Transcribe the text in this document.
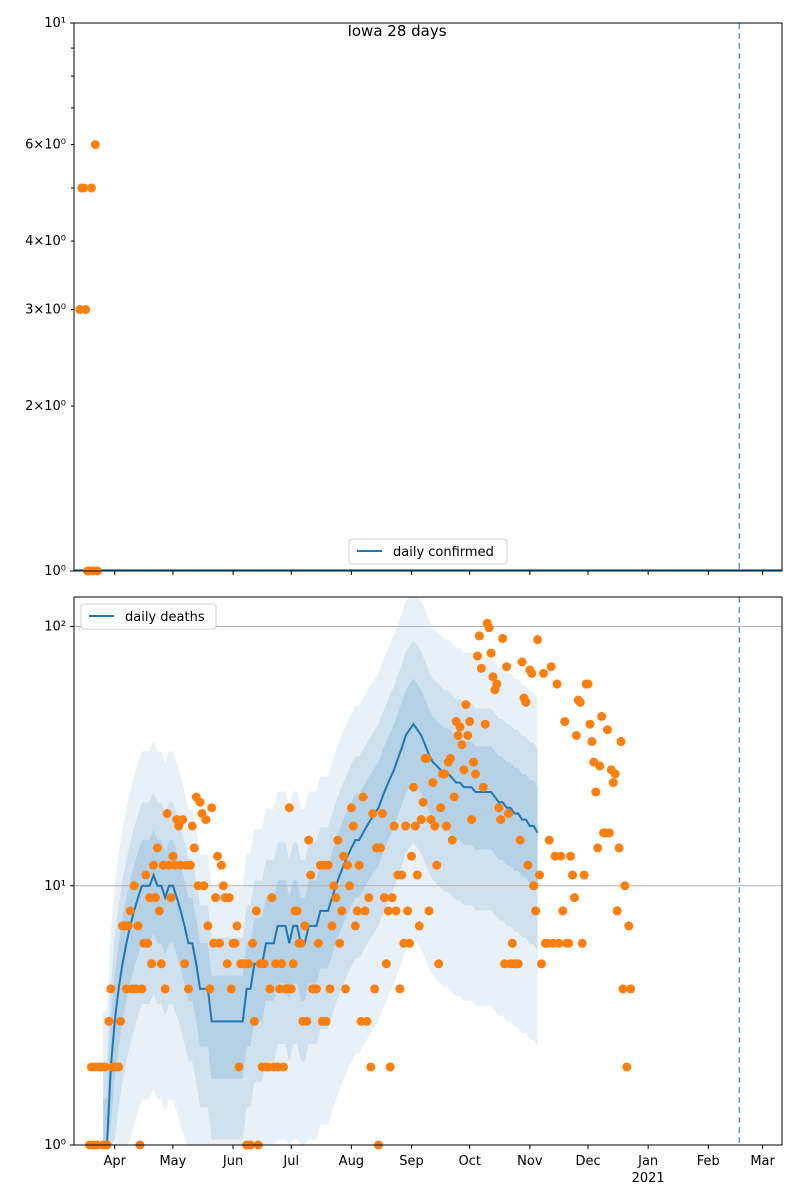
10⁰
2×10⁰
3×10⁰
4×10⁰
6×10⁰
10¹
daily confirmed
10⁰
10¹
10²
Apr	May	Jun	Jul	Aug	Sep	Oct	Nov	Dec	Jan	Feb Mar
2021
daily deaths
Iowa 28 days
